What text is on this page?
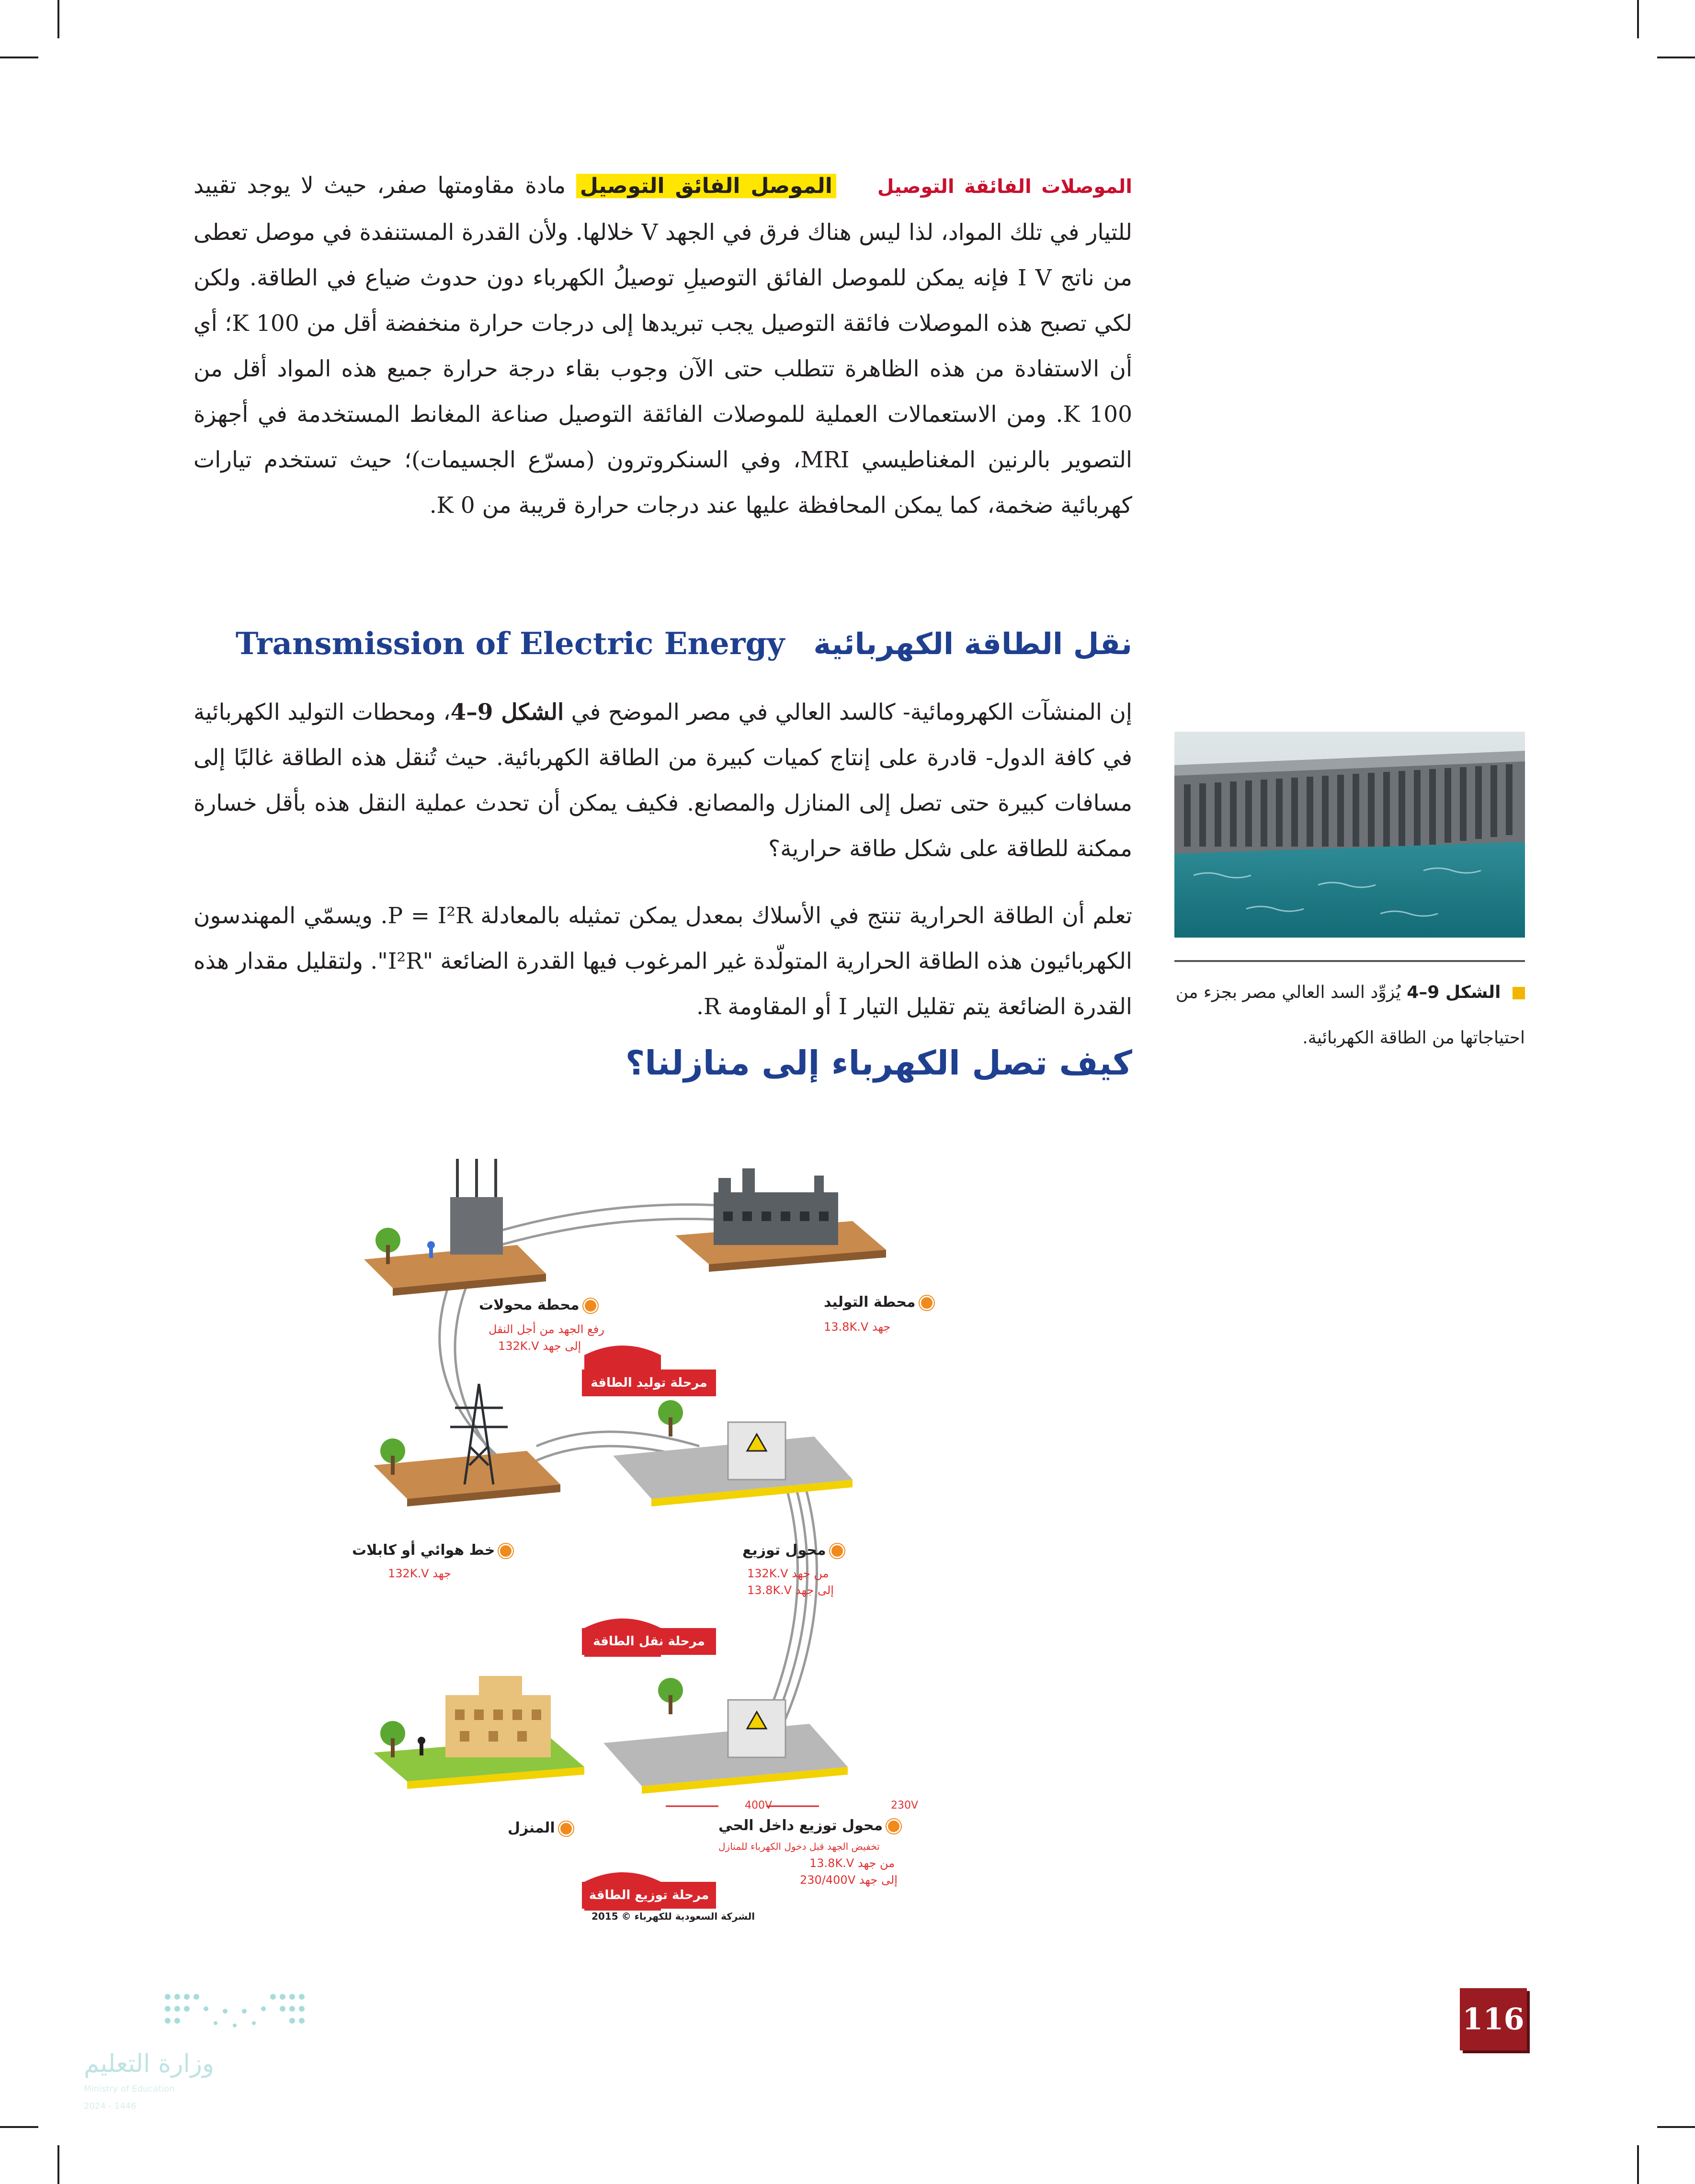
الموصلات الفائقة التوصيل    الموصل الفائق التوصيل مادة مقاومتها صفر، حيث لا يوجد تقييد للتيار في تلك المواد، لذا ليس هناك فرق في الجهد V خلالها. ولأن القدرة المستنفدة في موصل تعطى من ناتج I V فإنه يمكن للموصل الفائق التوصيلِ توصيلُ الكهرباء دون حدوث ضياع في الطاقة. ولكن لكي تصبح هذه الموصلات فائقة التوصيل يجب تبريدها إلى درجات حرارة منخفضة أقل من 100 K؛ أي أن الاستفادة من هذه الظاهرة تتطلب حتى الآن وجوب بقاء درجة حرارة جميع هذه المواد أقل من 100 K. ومن الاستعمالات العملية للموصلات الفائقة التوصيل صناعة المغانط المستخدمة في أجهزة التصوير بالرنين المغناطيسي MRI، وفي السنكروترون (مسرّع الجسيمات)؛ حيث تستخدم تيارات كهربائية ضخمة، كما يمكن المحافظة عليها عند درجات حرارة قريبة من 0 K.
نقل الطاقة الكهربائية
Transmission of Electric Energy
إن المنشآت الكهرومائية- كالسد العالي في مصر الموضح في الشكل 9–4، ومحطات التوليد الكهربائية في كافة الدول- قادرة على إنتاج كميات كبيرة من الطاقة الكهربائية. حيث تُنقل هذه الطاقة غالبًا إلى مسافات كبيرة حتى تصل إلى المنازل والمصانع. فكيف يمكن أن تحدث عملية النقل هذه بأقل خسارة ممكنة للطاقة على شكل طاقة حرارية؟
تعلم أن الطاقة الحرارية تنتج في الأسلاك بمعدل يمكن تمثيله بالمعادلة P = I²R. ويسمّي المهندسون الكهربائيون هذه الطاقة الحرارية المتولّدة غير المرغوب فيها القدرة الضائعة "I²R". ولتقليل مقدار هذه القدرة الضائعة يتم تقليل التيار I أو المقاومة R.
كيف تصل الكهرباء إلى منازلنا؟
الشكل 9–4 يُزوِّد السد العالي مصر بجزء من احتياجاتها من الطاقة الكهربائية.
محطة التوليد
جهد 13.8K.V
محطة محولات
رفع الجهد من أجل النقل
إلى جهد 132K.V
مرحلة توليد الطاقة
خط هوائي أو كابلات
جهد 132K.V
محول توزيع
من جهد 132K.V
إلى جهد 13.8K.V
مرحلة نقل الطاقة
المنزل
400V	230V
محول توزيع داخل الحي
تخفيض الجهد قبل دخول الكهرباء للمنازل
من جهد 13.8K.V
إلى جهد 230/400V
مرحلة توزيع الطاقة
الشركة السعودية للكهرباء © 2015
وزارة التعليم
Ministry of Education
2024 - 1446
116
